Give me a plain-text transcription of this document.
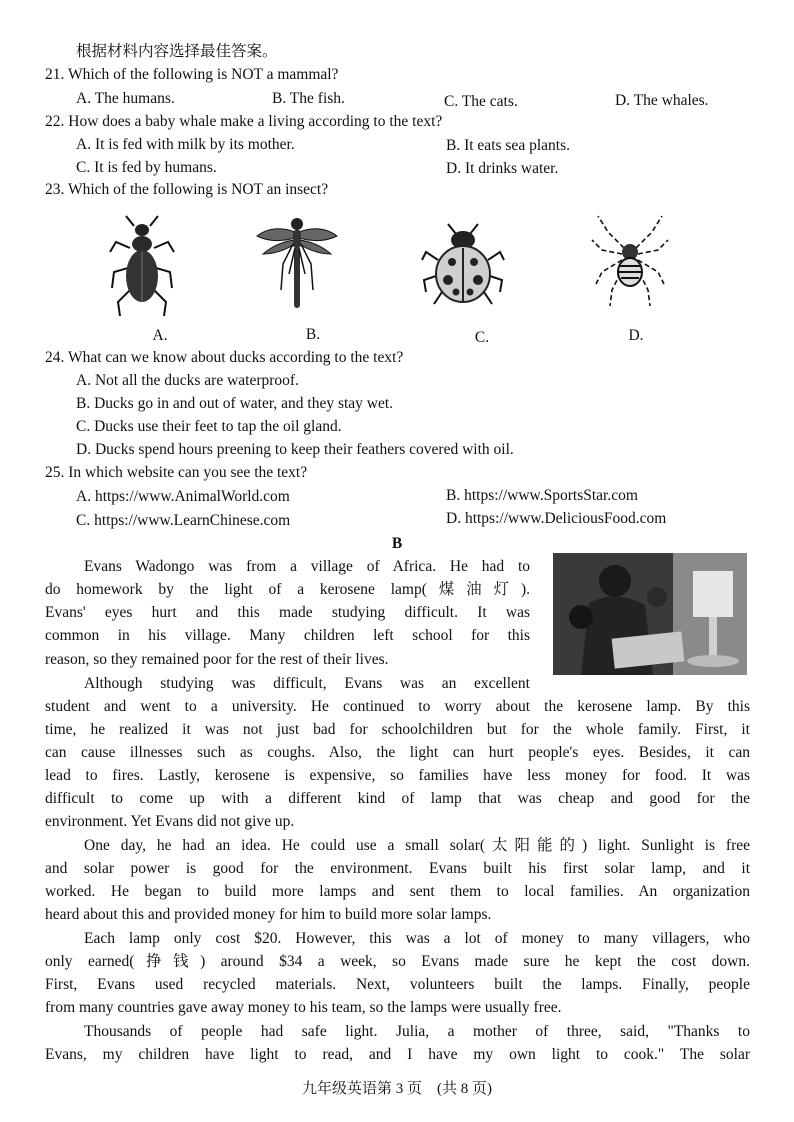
根据材料内容选择最佳答案。
21. Which of the following is NOT a mammal?
A. The humans.	B. The fish.	C. The cats.	D. The whales.
22. How does a baby whale make a living according to the text?
A. It is fed with milk by its mother.	B. It eats sea plants.
C. It is fed by humans.	D. It drinks water.
23. Which of the following is NOT an insect?
A.	B.	C.	D.
24. What can we know about ducks according to the text?
A. Not all the ducks are waterproof.
B. Ducks go in and out of water, and they stay wet.
C. Ducks use their feet to tap the oil gland.
D. Ducks spend hours preening to keep their feathers covered with oil.
25. In which website can you see the text?
A. https://www.AnimalWorld.com	B. https://www.SportsStar.com
C. https://www.LearnChinese.com	D. https://www.DeliciousFood.com
B
Evans Wadongo was from a village of Africa. He had to
do homework by the light of a kerosene lamp(煤油灯).
Evans' eyes hurt and this made studying difficult. It was
common in his village. Many children left school for this
reason, so they remained poor for the rest of their lives.
Although studying was difficult, Evans was an excellent
student and went to a university. He continued to worry about the kerosene lamp. By this
time, he realized it was not just bad for schoolchildren but for the whole family. First, it
can cause illnesses such as coughs. Also, the light can hurt people's eyes. Besides, it can
lead to fires. Lastly, kerosene is expensive, so families have less money for food. It was
difficult to come up with a different kind of lamp that was cheap and good for the
environment. Yet Evans did not give up.
One day, he had an idea. He could use a small solar(太阳能的) light. Sunlight is free
and solar power is good for the environment. Evans built his first solar lamp, and it
worked. He began to build more lamps and sent them to local families. An organization
heard about this and provided money for him to build more solar lamps.
Each lamp only cost $20. However, this was a lot of money to many villagers, who
only earned(挣钱) around $34 a week, so Evans made sure he kept the cost down.
First, Evans used recycled materials. Next, volunteers built the lamps. Finally, people
from many countries gave away money to his team, so the lamps were usually free.
Thousands of people had safe light. Julia, a mother of three, said, "Thanks to
Evans, my children have light to read, and I have my own light to cook." The solar
九年级英语第 3 页　(共 8 页)
